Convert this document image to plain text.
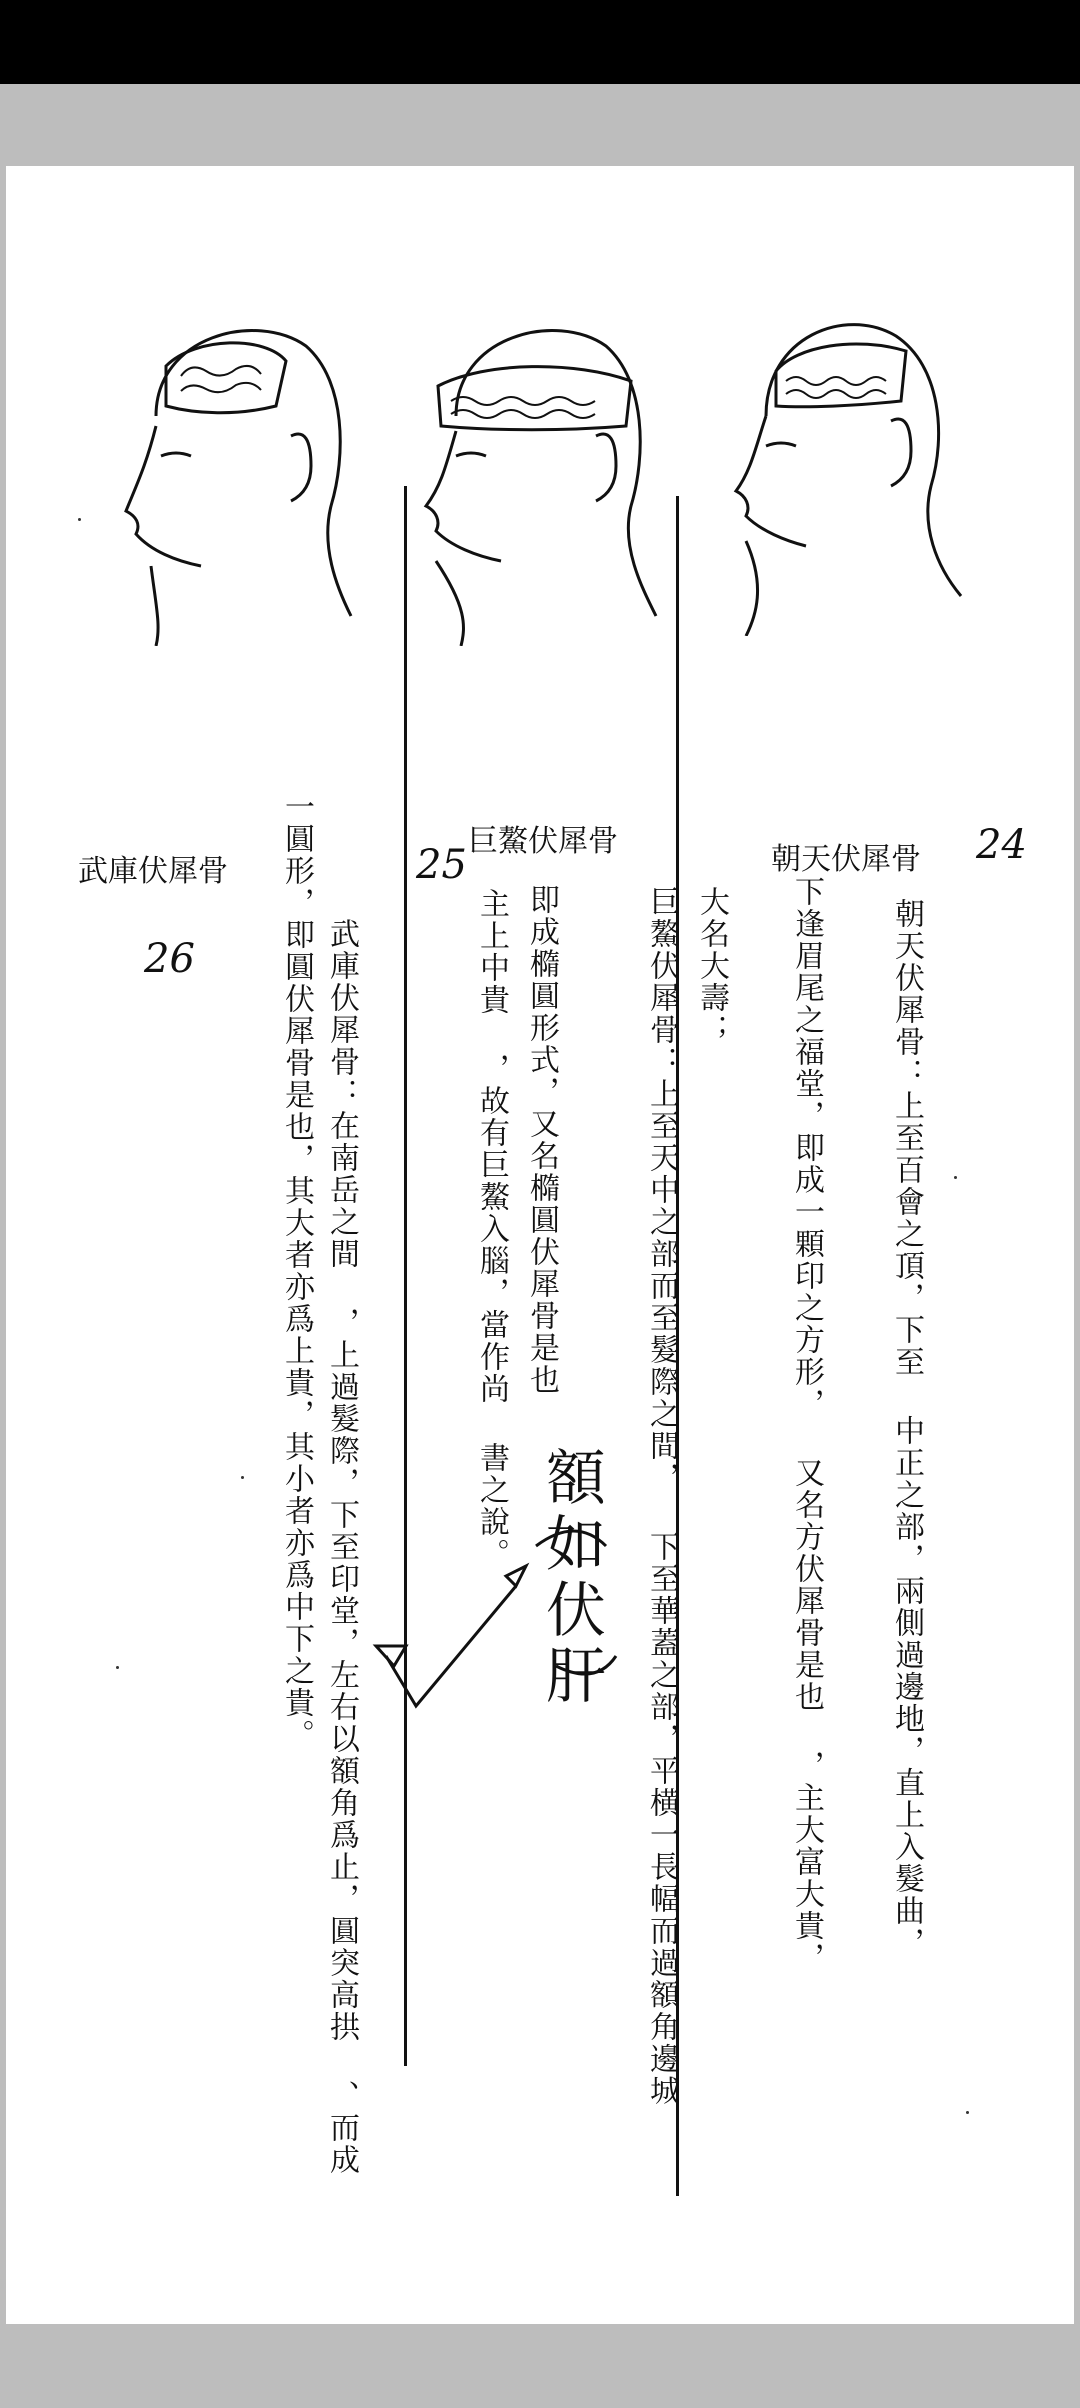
朝天伏犀骨 24
朝天伏犀骨：上至百會之頂，下至 中正之部，兩側過邊地，直上入髮曲，
下逢眉尾之福堂，即成一顆印之方形， 又名方伏犀骨是也 ，主大富大貴，
巨鰲伏犀骨
25
大名大壽；
巨鰲伏犀骨：上至天中之部而至髮際之間， 下至華蓋之部，平横一長幅而過額角邊城
即成橢圓形式，又名橢圓伏犀骨是也
主上中貴 ，故有巨鰲入腦，當作尚 書之說。
額如伏肝
武庫伏犀骨
26	武庫伏犀骨：在南岳之間 ，上過髮際，下至印堂，左右以額角爲止，圓突高拱 、而成
一圓形，即圓伏犀骨是也，其大者亦爲上貴，其小者亦爲中下之貴。
